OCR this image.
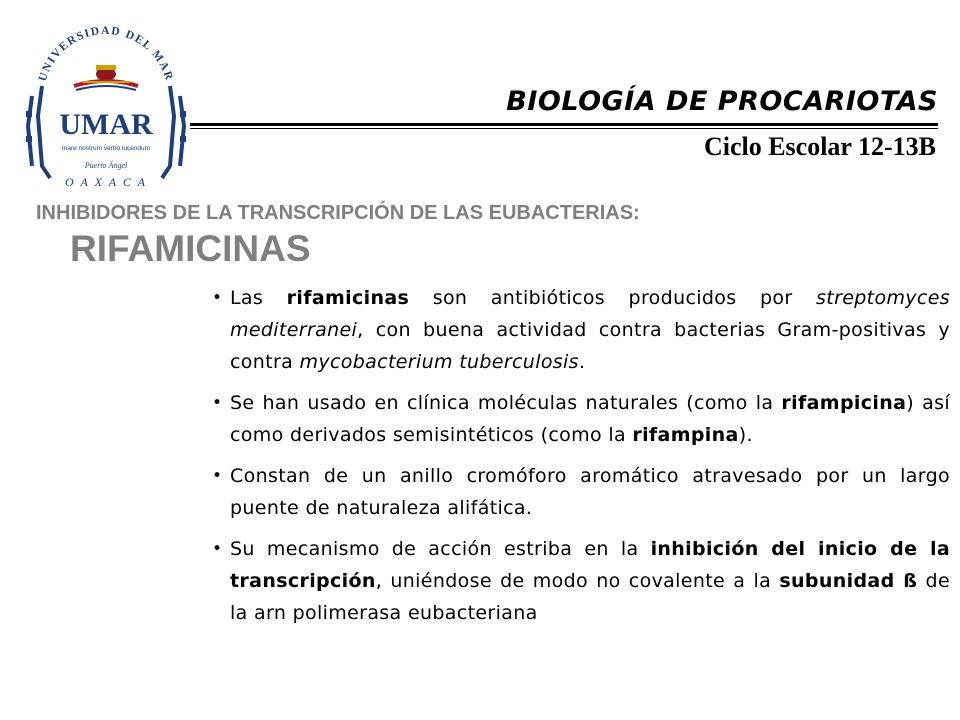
UNIVERSIDAD DEL MAR
UMAR
mare nostrum verbo lucendum
Puerto Ángel
O A X A C A
BIOLOGÍA DE PROCARIOTAS
Ciclo Escolar 12-13B
INHIBIDORES DE LA TRANSCRIPCIÓN DE LAS EUBACTERIAS:
RIFAMICINAS
• Las rifamicinas son antibióticos producidos por streptomyces mediterranei, con buena actividad contra bacterias Gram-positivas y contra mycobacterium tuberculosis.
• Se han usado en clínica moléculas naturales (como la rifampicina) así como derivados semisintéticos (como la rifampina).
• Constan de un anillo cromóforo aromático atravesado por un largo puente de naturaleza alifática.
• Su mecanismo de acción estriba en la inhibición del inicio de la transcripción, uniéndose de modo no covalente a la subunidad ß de la arn polimerasa eubacteriana
